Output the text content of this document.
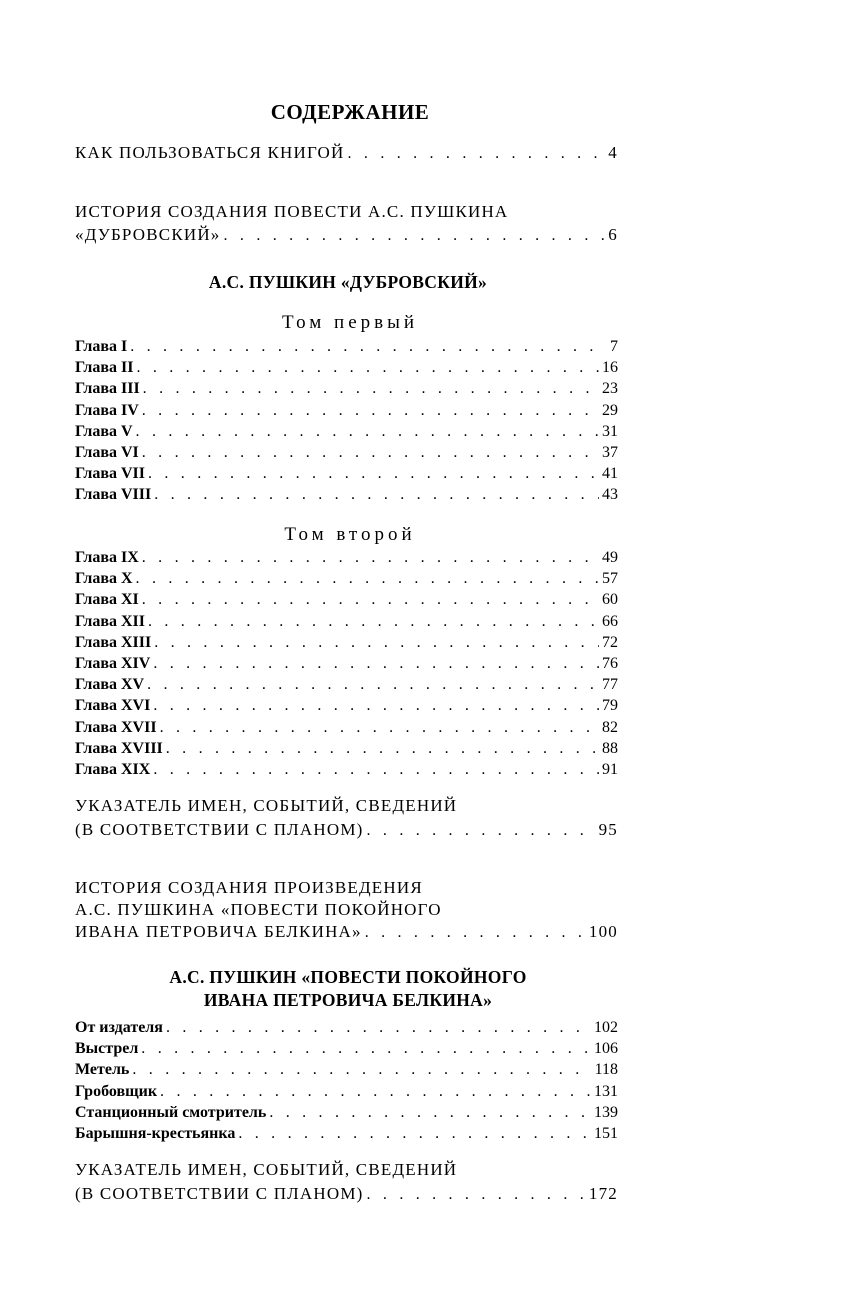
СОДЕРЖАНИЕ
КАК ПОЛЬЗОВАТЬСЯ КНИГОЙ . . .	4
ИСТОРИЯ СОЗДАНИЯ ПОВЕСТИ А.С. ПУШКИНА
«ДУБРОВСКИЙ» . . .	6
А.С. ПУШКИН «ДУБРОВСКИЙ»
Том первый
Глава I . . .	7
Глава II . . .	16
Глава III . . .	23
Глава IV . . .	29
Глава V . . .	31
Глава VI . . .	37
Глава VII . . .	41
Глава VIII . . .	43
Том второй
Глава IX . . .	49
Глава X . . .	57
Глава XI . . .	60
Глава XII . . .	66
Глава XIII . . .	72
Глава XIV . . .	76
Глава XV . . .	77
Глава XVI . . .	79
Глава XVII . . .	82
Глава XVIII . . .	88
Глава XIX . . .	91
УКАЗАТЕЛЬ ИМЕН, СОБЫТИЙ, СВЕДЕНИЙ
(В СООТВЕТСТВИИ С ПЛАНОМ) . . .	95
ИСТОРИЯ СОЗДАНИЯ ПРОИЗВЕДЕНИЯ
А.С. ПУШКИНА «ПОВЕСТИ ПОКОЙНОГО
ИВАНА ПЕТРОВИЧА БЕЛКИНА» . . .	100
А.С. ПУШКИН «ПОВЕСТИ ПОКОЙНОГО
ИВАНА ПЕТРОВИЧА БЕЛКИНА»
От издателя . . .	102
Выстрел . . .	106
Метель . . .	118
Гробовщик . . .	131
Станционный смотритель . . .	139
Барышня-крестьянка . . .	151
УКАЗАТЕЛЬ ИМЕН, СОБЫТИЙ, СВЕДЕНИЙ
(В СООТВЕТСТВИИ С ПЛАНОМ) . . .	172
